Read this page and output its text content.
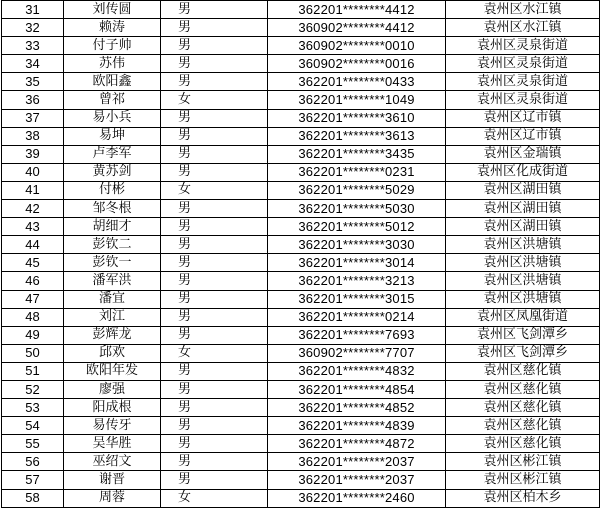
31	刘传圆	男	362201********4412	袁州区水江镇
32	赖涛	男	360902********4412	袁州区水江镇
33	付子帅	男	360902********0010	袁州区灵泉街道
34	苏伟	男	360902********0016	袁州区灵泉街道
35	欧阳鑫	男	362201********0433	袁州区灵泉街道
36	曾祁	女	362201********1049	袁州区灵泉街道
37	易小兵	男	362201********3610	袁州区辽市镇
38	易坤	男	362201********3613	袁州区辽市镇
39	卢李军	男	362201********3435	袁州区金瑞镇
40	黄苏剑	男	362201********0231	袁州区化成街道
41	付彬	女	362201********5029	袁州区湖田镇
42	邹冬根	男	362201********5030	袁州区湖田镇
43	胡细才	男	362201********5012	袁州区湖田镇
44	彭钦二	男	362201********3030	袁州区洪塘镇
45	彭钦一	男	362201********3014	袁州区洪塘镇
46	潘军洪	男	362201********3213	袁州区洪塘镇
47	潘宜	男	362201********3015	袁州区洪塘镇
48	刘江	男	362201********0214	袁州区凤凰街道
49	彭辉龙	男	362201********7693	袁州区飞剑潭乡
50	邱欢	女	360902********7707	袁州区飞剑潭乡
51	欧阳年发	男	362201********4832	袁州区慈化镇
52	廖强	男	362201********4854	袁州区慈化镇
53	阳成根	男	362201********4852	袁州区慈化镇
54	易传牙	男	362201********4839	袁州区慈化镇
55	吴华胜	男	362201********4872	袁州区慈化镇
56	巫绍文	男	362201********2037	袁州区彬江镇
57	谢晋	男	362201********2037	袁州区彬江镇
58	周蓉	女	362201********2460	袁州区柏木乡
